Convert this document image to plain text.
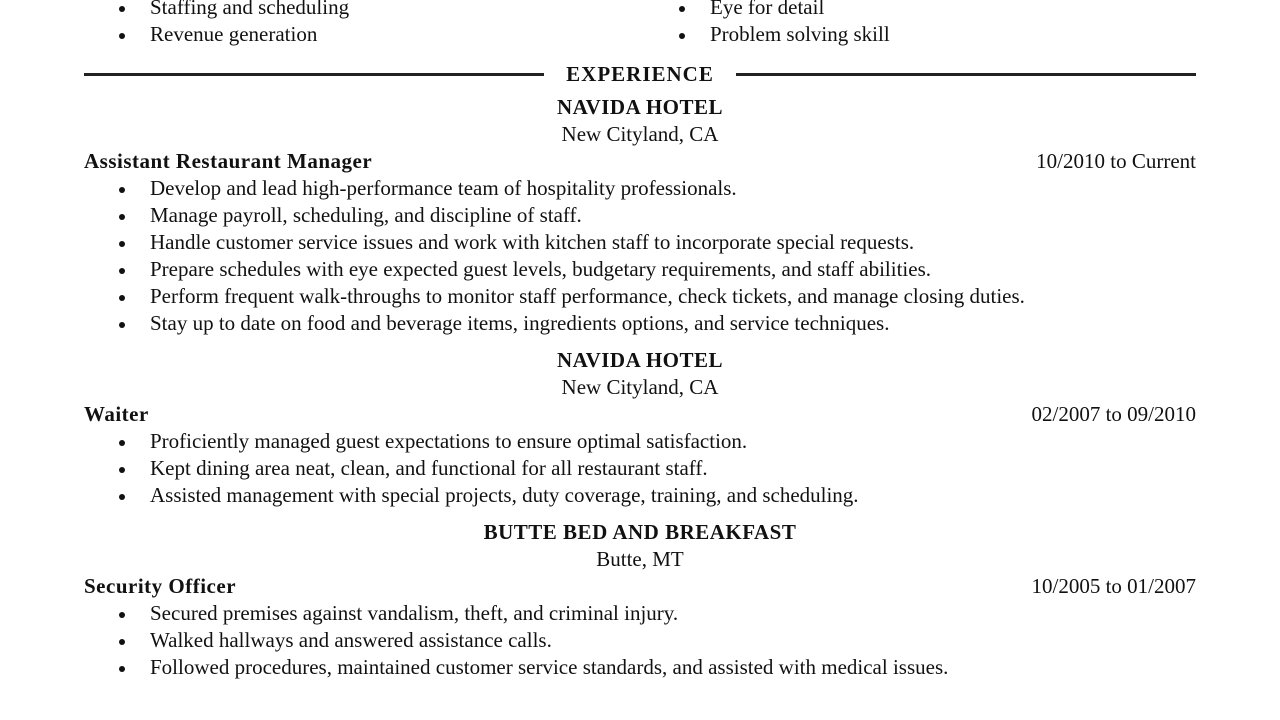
Staffing and scheduling
Revenue generation
Eye for detail
Problem solving skill
EXPERIENCE
NAVIDA HOTEL
New Cityland, CA
Assistant Restaurant Manager	10/2010 to Current
Develop and lead high-performance team of hospitality professionals.
Manage payroll, scheduling, and discipline of staff.
Handle customer service issues and work with kitchen staff to incorporate special requests.
Prepare schedules with eye expected guest levels, budgetary requirements, and staff abilities.
Perform frequent walk-throughs to monitor staff performance, check tickets, and manage closing duties.
Stay up to date on food and beverage items, ingredients options, and service techniques.
NAVIDA HOTEL
New Cityland, CA
Waiter	02/2007 to 09/2010
Proficiently managed guest expectations to ensure optimal satisfaction.
Kept dining area neat, clean, and functional for all restaurant staff.
Assisted management with special projects, duty coverage, training, and scheduling.
BUTTE BED AND BREAKFAST
Butte, MT
Security Officer	10/2005 to 01/2007
Secured premises against vandalism, theft, and criminal injury.
Walked hallways and answered assistance calls.
Followed procedures, maintained customer service standards, and assisted with medical issues.
